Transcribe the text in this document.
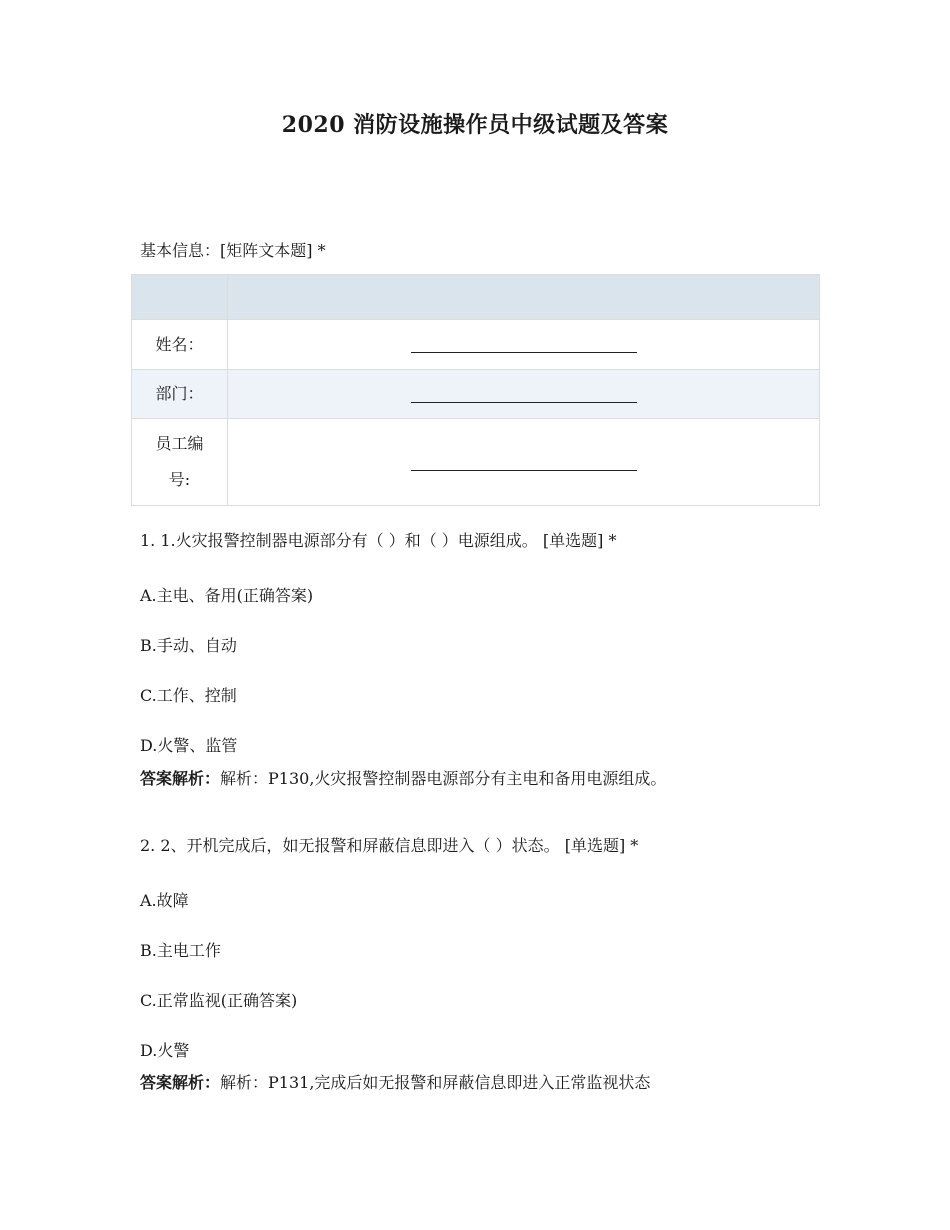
2020 消防设施操作员中级试题及答案
基本信息：[矩阵文本题] *

姓名：	
部门：	

员工编
号:	

1. 1.火灾报警控制器电源部分有（ ）和（ ）电源组成。 [单选题] *

A.主电、备用(正确答案)

B.手动、自动

C.工作、控制

D.火警、监管

答案解析：解析：P130,火灾报警控制器电源部分有主电和备用电源组成。

2. 2、开机完成后，如无报警和屏蔽信息即进入（ ）状态。 [单选题] *

A.故障

B.主电工作

C.正常监视(正确答案)

D.火警

答案解析：解析：P131,完成后如无报警和屏蔽信息即进入正常监视状态
